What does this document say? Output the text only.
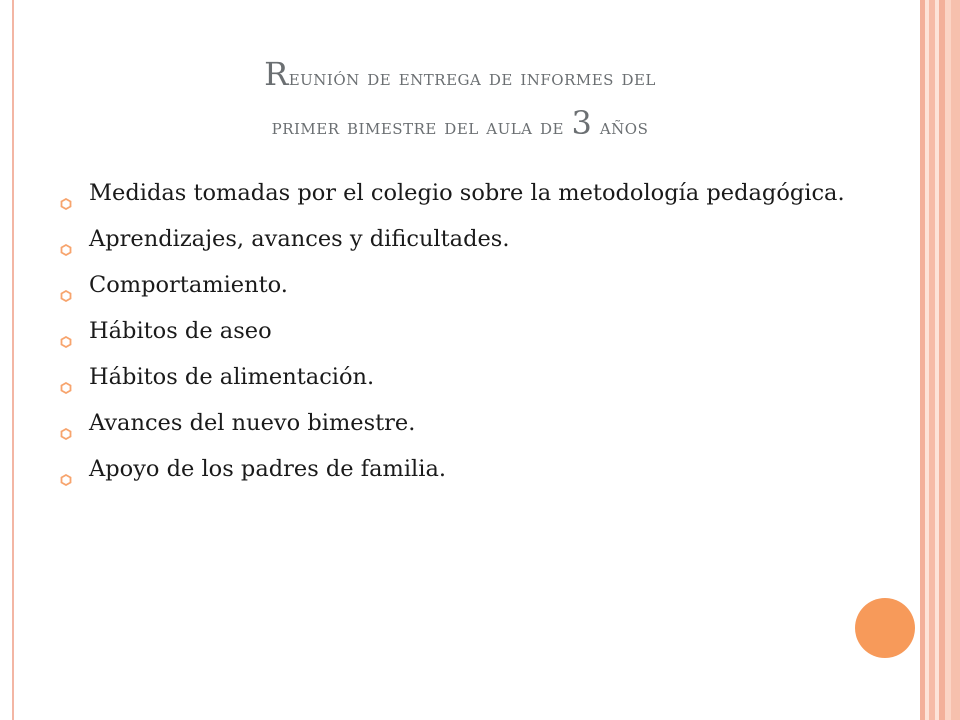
Reunión de entrega de informes del
primer bimestre del aula de 3 años
Medidas tomadas por el colegio sobre la metodología pedagógica.
Aprendizajes, avances y dificultades.
Comportamiento.
Hábitos de aseo
Hábitos de alimentación.
Avances del nuevo bimestre.
Apoyo de los padres de familia.
